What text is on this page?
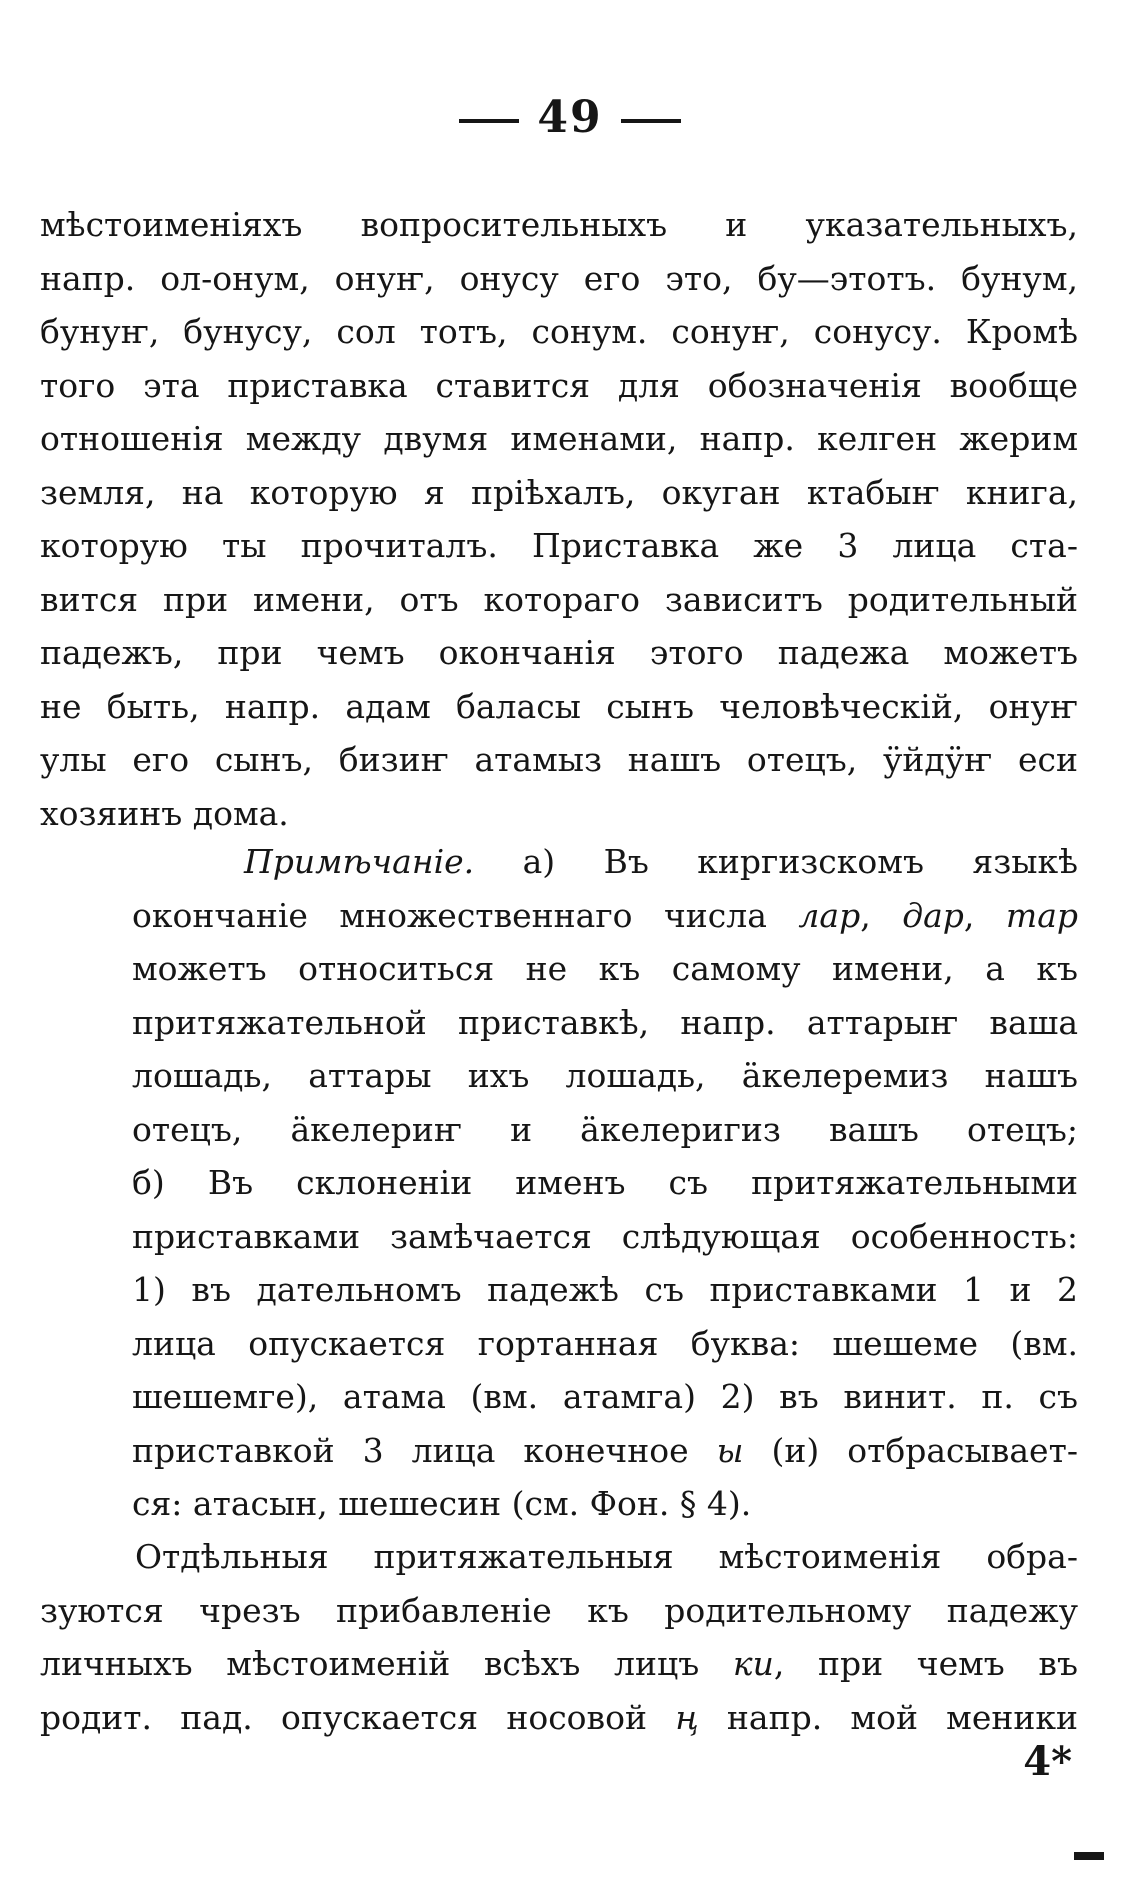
49
мѣстоименіяхъ вопросительныхъ и указательныхъ,
напр. ол-онум, онуҥ, онусу его это, бу—этотъ. бунум,
бунуҥ, бунусу, сол тотъ, сонум. сонуҥ, сонусу. Кромѣ
того эта приставка ставится для обозначенія вообще
отношенія между двумя именами, напр. келген жерим
земля, на которую я пріѣхалъ, окуган ктабыҥ книга,
которую ты прочиталъ. Приставка же 3 лица ста-
вится при имени, отъ котораго зависитъ родительный
падежъ, при чемъ окончанія этого падежа можетъ
не быть, напр. адам баласы сынъ человѣческій, онуҥ
улы его сынъ, бизиҥ атамыз нашъ отецъ, ӱйдӱҥ еси
хозяинъ дома.
Примѣчаніе. а) Въ киргизскомъ языкѣ
окончаніе множественнаго числа лар, дар, тар
можетъ относиться не къ самому имени, а къ
притяжательной приставкѣ, напр. аттарыҥ ваша
лошадь, аттары ихъ лошадь, ӓкелеремиз нашъ
отецъ, ӓкелериҥ и ӓкелеригиз вашъ отецъ;
б) Въ склоненіи именъ съ притяжательными
приставками замѣчается слѣдующая особенность:
1) въ дательномъ падежѣ съ приставками 1 и 2
лица опускается гортанная буква: шешеме (вм.
шешемге), атама (вм. атамга) 2) въ винит. п. съ
приставкой 3 лица конечное ы (и) отбрасывает-
ся: атасын, шешесин (см. Фон. § 4).
Отдѣльныя притяжательныя мѣстоименія обра-
зуются чрезъ прибавленіе къ родительному падежу
личныхъ мѣстоименій всѣхъ лицъ ки, при чемъ въ
родит. пад. опускается носовой ң напр. мой меники
4*
